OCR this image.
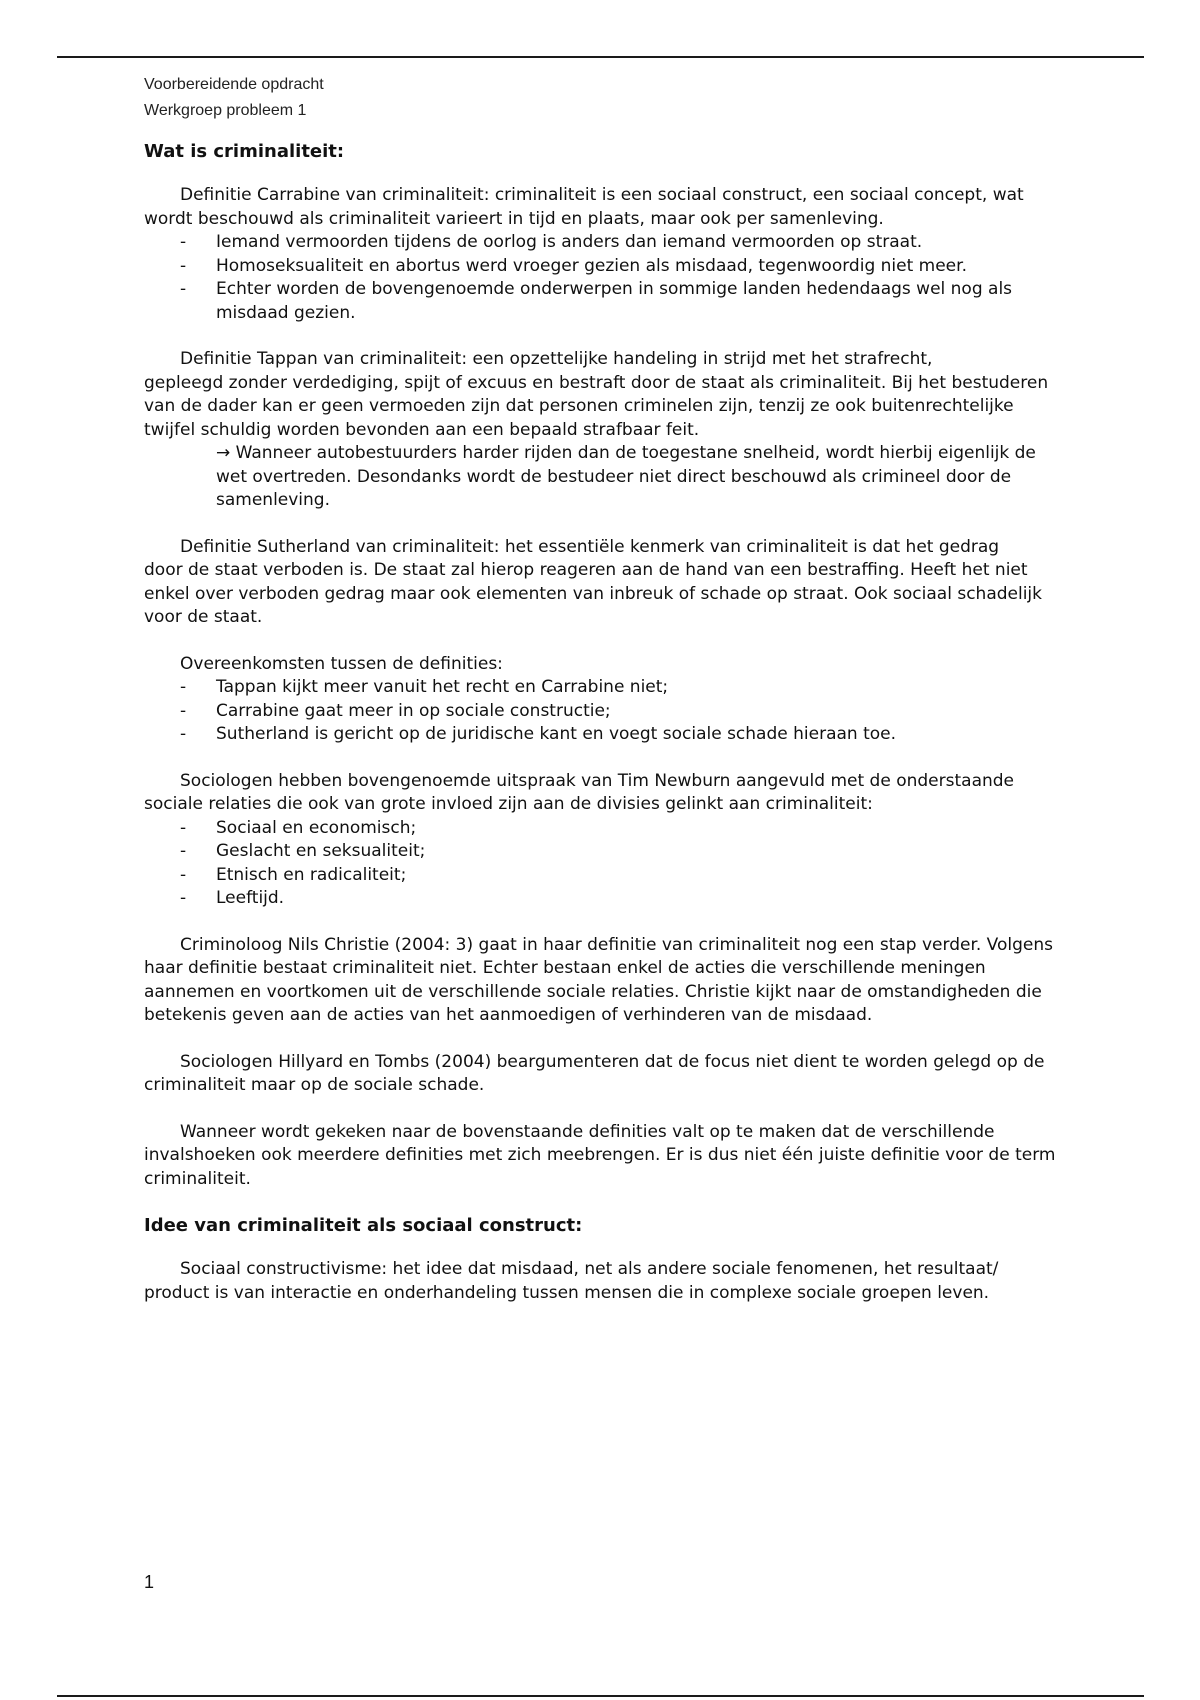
Voorbereidende opdracht
Werkgroep probleem 1
Wat is criminaliteit:

Definitie Carrabine van criminaliteit: criminaliteit is een sociaal construct, een sociaal concept, wat wordt beschouwd als criminaliteit varieert in tijd en plaats, maar ook per samenleving.

- Iemand vermoorden tijdens de oorlog is anders dan iemand vermoorden op straat.
- Homoseksualiteit en abortus werd vroeger gezien als misdaad, tegenwoordig niet meer.
- Echter worden de bovengenoemde onderwerpen in sommige landen hedendaags wel nog als misdaad gezien.

Definitie Tappan van criminaliteit: een opzettelijke handeling in strijd met het strafrecht,

gepleegd zonder verdediging, spijt of excuus en bestraft door de staat als criminaliteit. Bij het bestuderen van de dader kan er geen vermoeden zijn dat personen criminelen zijn, tenzij ze ook buitenrechtelijke twijfel schuldig worden bevonden aan een bepaald strafbaar feit.

→ Wanneer autobestuurders harder rijden dan de toegestane snelheid, wordt hierbij eigenlijk de wet overtreden. Desondanks wordt de bestudeer niet direct beschouwd als crimineel door de samenleving.

Definitie Sutherland van criminaliteit: het essentiële kenmerk van criminaliteit is dat het gedrag

door de staat verboden is. De staat zal hierop reageren aan de hand van een bestraffing. Heeft het niet enkel over verboden gedrag maar ook elementen van inbreuk of schade op straat. Ook sociaal schadelijk voor de staat.

Overeenkomsten tussen de definities:

- Tappan kijkt meer vanuit het recht en Carrabine niet;
- Carrabine gaat meer in op sociale constructie;
- Sutherland is gericht op de juridische kant en voegt sociale schade hieraan toe.

Sociologen hebben bovengenoemde uitspraak van Tim Newburn aangevuld met de onderstaande sociale relaties die ook van grote invloed zijn aan de divisies gelinkt aan criminaliteit:

- Sociaal en economisch;
- Geslacht en seksualiteit;
- Etnisch en radicaliteit;
- Leeftijd.

Criminoloog Nils Christie (2004: 3) gaat in haar definitie van criminaliteit nog een stap verder. Volgens haar definitie bestaat criminaliteit niet. Echter bestaan enkel de acties die verschillende meningen aannemen en voortkomen uit de verschillende sociale relaties. Christie kijkt naar de omstandigheden die betekenis geven aan de acties van het aanmoedigen of verhinderen van de misdaad.

Sociologen Hillyard en Tombs (2004) beargumenteren dat de focus niet dient te worden gelegd op de criminaliteit maar op de sociale schade.

Wanneer wordt gekeken naar de bovenstaande definities valt op te maken dat de verschillende invalshoeken ook meerdere definities met zich meebrengen. Er is dus niet één juiste definitie voor de term criminaliteit.

Idee van criminaliteit als sociaal construct:

Sociaal constructivisme: het idee dat misdaad, net als andere sociale fenomenen, het resultaat/ product is van interactie en onderhandeling tussen mensen die in complexe sociale groepen leven.

1
